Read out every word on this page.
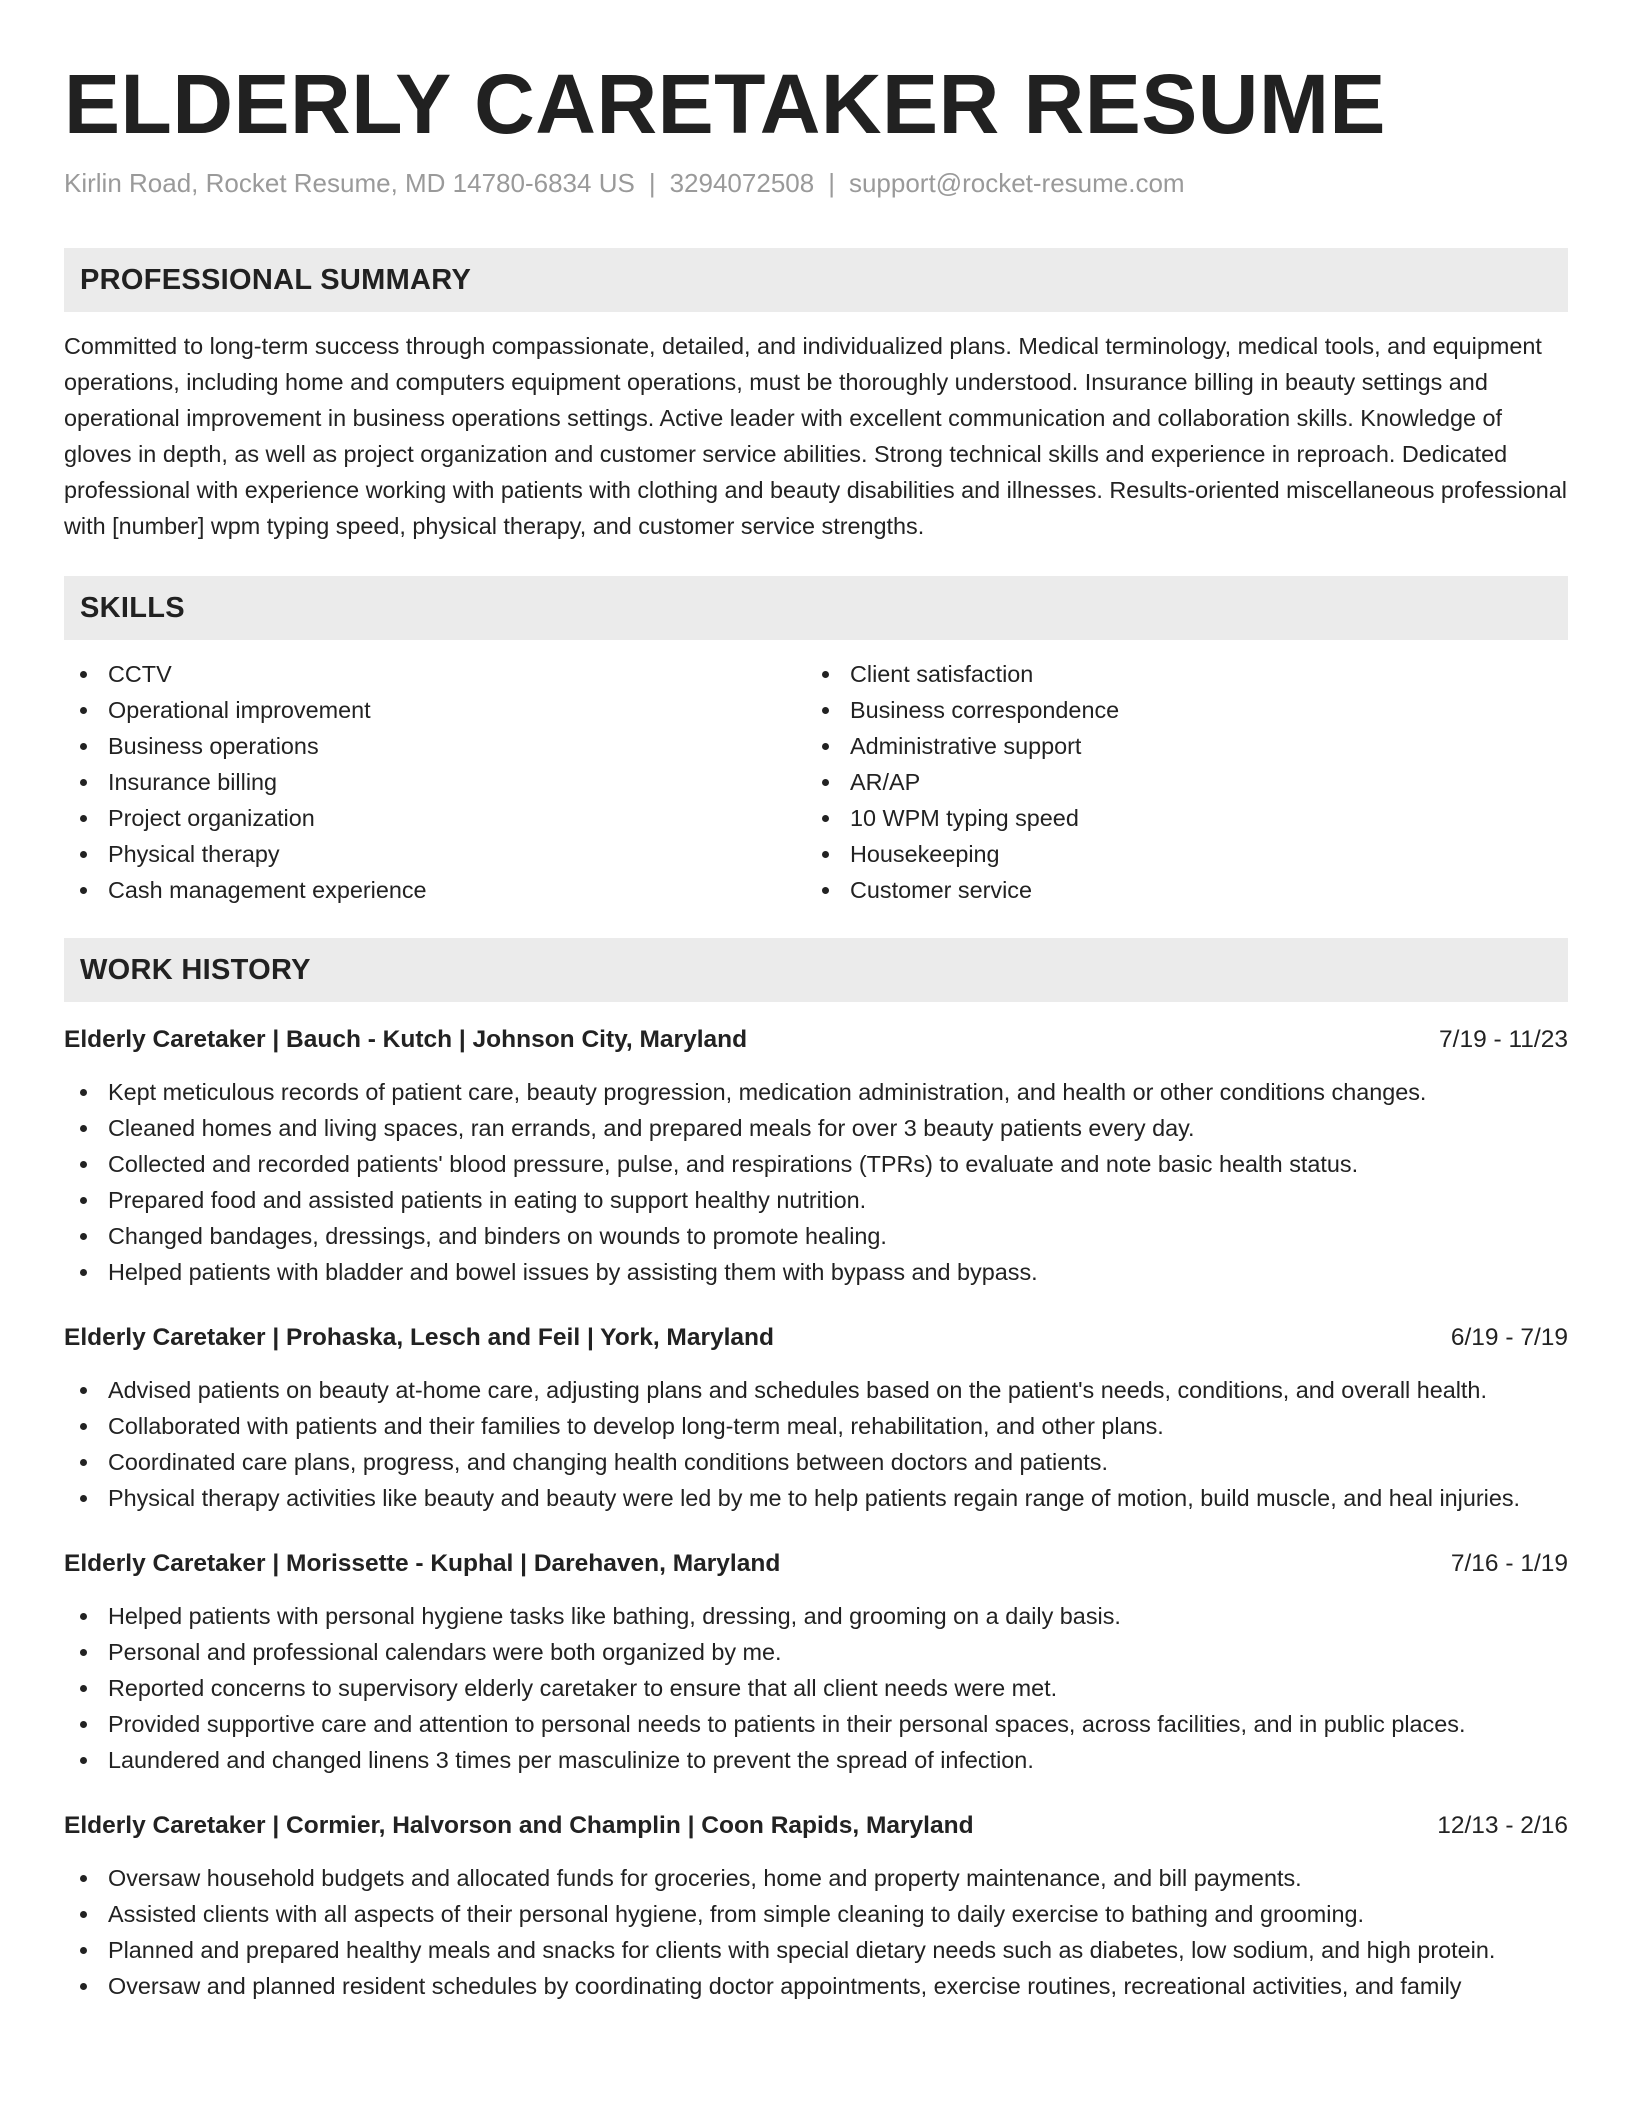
ELDERLY CARETAKER RESUME
Kirlin Road, Rocket Resume, MD 14780-6834 US | 3294072508 | support@rocket-resume.com
PROFESSIONAL SUMMARY
Committed to long-term success through compassionate, detailed, and individualized plans. Medical terminology, medical tools, and equipment operations, including home and computers equipment operations, must be thoroughly understood. Insurance billing in beauty settings and operational improvement in business operations settings. Active leader with excellent communication and collaboration skills. Knowledge of gloves in depth, as well as project organization and customer service abilities. Strong technical skills and experience in reproach. Dedicated professional with experience working with patients with clothing and beauty disabilities and illnesses. Results-oriented miscellaneous professional with [number] wpm typing speed, physical therapy, and customer service strengths.
SKILLS
CCTV
Operational improvement
Business operations
Insurance billing
Project organization
Physical therapy
Cash management experience
Client satisfaction
Business correspondence
Administrative support
AR/AP
10 WPM typing speed
Housekeeping
Customer service
WORK HISTORY
Elderly Caretaker | Bauch - Kutch | Johnson City, Maryland	7/19 - 11/23
Kept meticulous records of patient care, beauty progression, medication administration, and health or other conditions changes.
Cleaned homes and living spaces, ran errands, and prepared meals for over 3 beauty patients every day.
Collected and recorded patients' blood pressure, pulse, and respirations (TPRs) to evaluate and note basic health status.
Prepared food and assisted patients in eating to support healthy nutrition.
Changed bandages, dressings, and binders on wounds to promote healing.
Helped patients with bladder and bowel issues by assisting them with bypass and bypass.
Elderly Caretaker | Prohaska, Lesch and Feil | York, Maryland	6/19 - 7/19
Advised patients on beauty at-home care, adjusting plans and schedules based on the patient's needs, conditions, and overall health.
Collaborated with patients and their families to develop long-term meal, rehabilitation, and other plans.
Coordinated care plans, progress, and changing health conditions between doctors and patients.
Physical therapy activities like beauty and beauty were led by me to help patients regain range of motion, build muscle, and heal injuries.
Elderly Caretaker | Morissette - Kuphal | Darehaven, Maryland	7/16 - 1/19
Helped patients with personal hygiene tasks like bathing, dressing, and grooming on a daily basis.
Personal and professional calendars were both organized by me.
Reported concerns to supervisory elderly caretaker to ensure that all client needs were met.
Provided supportive care and attention to personal needs to patients in their personal spaces, across facilities, and in public places.
Laundered and changed linens 3 times per masculinize to prevent the spread of infection.
Elderly Caretaker | Cormier, Halvorson and Champlin | Coon Rapids, Maryland	12/13 - 2/16
Oversaw household budgets and allocated funds for groceries, home and property maintenance, and bill payments.
Assisted clients with all aspects of their personal hygiene, from simple cleaning to daily exercise to bathing and grooming.
Planned and prepared healthy meals and snacks for clients with special dietary needs such as diabetes, low sodium, and high protein.
Oversaw and planned resident schedules by coordinating doctor appointments, exercise routines, recreational activities, and family
